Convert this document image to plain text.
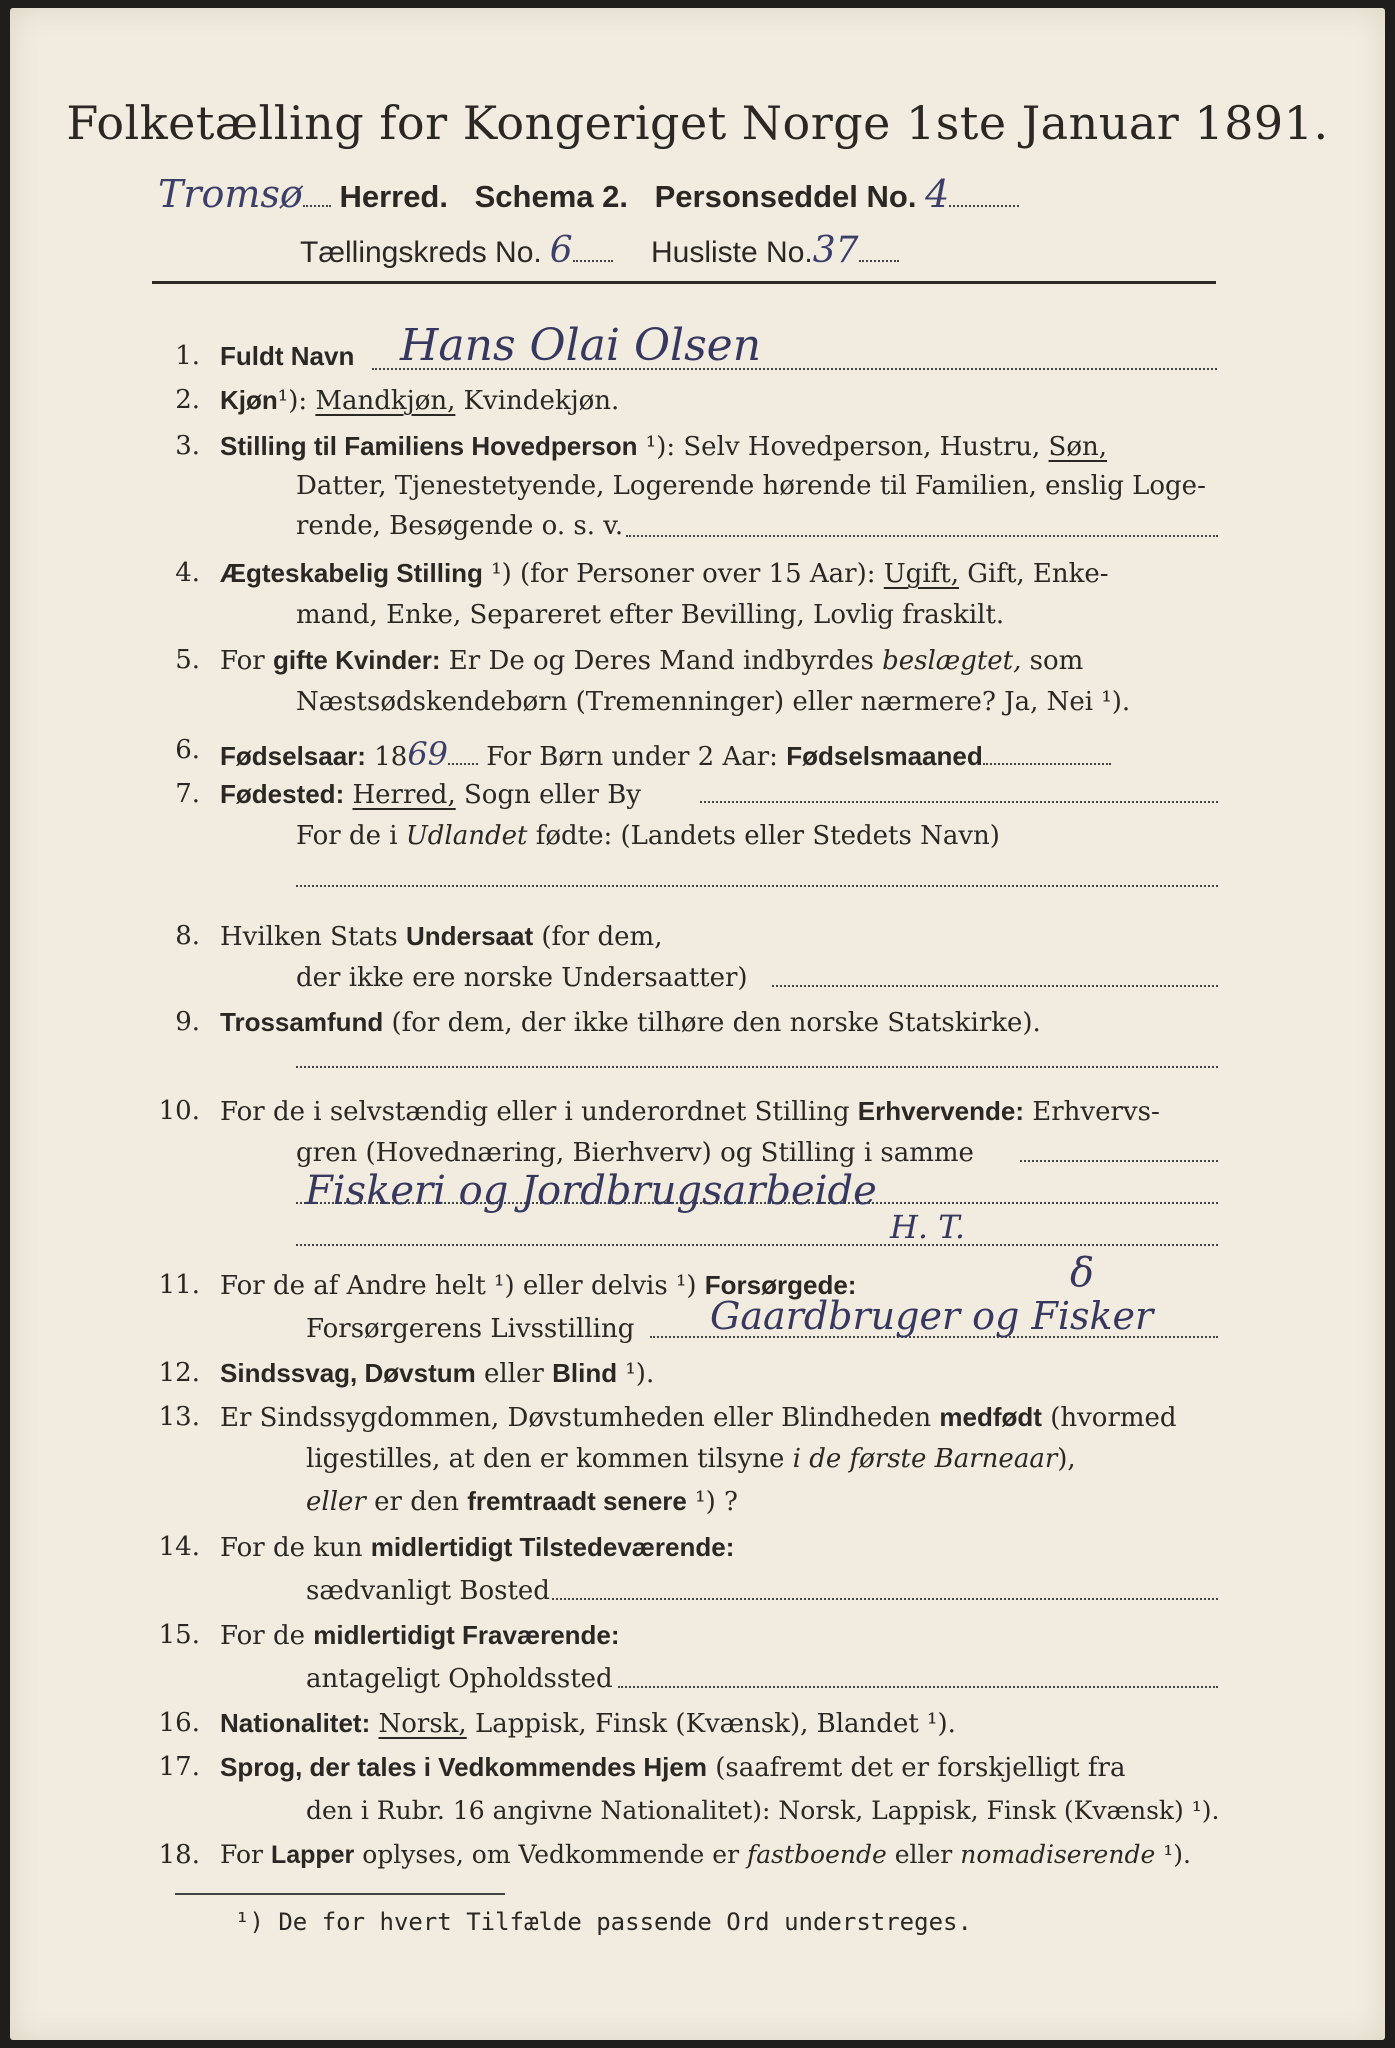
Folketælling for Kongeriget Norge 1ste Januar 1891.
Tromsø Herred. Schema 2. Personseddel No. 4
Tællingskreds No. 6	Husliste No.37
1. Fuldt Navn Hans Olai Olsen
2. Kjøn¹): Mandkjøn, Kvindekjøn.
3. Stilling til Familiens Hovedperson ¹): Selv Hovedperson, Hustru, Søn,
Datter, Tjenestetyende, Logerende hørende til Familien, enslig Loge-
rende, Besøgende o. s. v.
4. Ægteskabelig Stilling ¹) (for Personer over 15 Aar): Ugift, Gift, Enke-
mand, Enke, Separeret efter Bevilling, Lovlig fraskilt.
5. For gifte Kvinder: Er De og Deres Mand indbyrdes beslægtet, som
Næstsødskendebørn (Tremenninger) eller nærmere? Ja, Nei ¹).
6. Fødselsaar: 1869 For Børn under 2 Aar: Fødselsmaaned
7. Fødested: Herred, Sogn eller By
For de i Udlandet fødte: (Landets eller Stedets Navn)
8. Hvilken Stats Undersaat (for dem,
der ikke ere norske Undersaatter)
9. Trossamfund (for dem, der ikke tilhøre den norske Statskirke).
10. For de i selvstændig eller i underordnet Stilling Erhvervende: Erhvervs-
gren (Hovednæring, Bierhverv) og Stilling i samme
Fiskeri og Jordbrugsarbeide
H. T.
11. For de af Andre helt ¹) eller delvis ¹) Forsørgede:	δ
Forsørgerens Livsstilling Gaardbruger og Fisker
12. Sindssvag, Døvstum eller Blind ¹).
13. Er Sindssygdommen, Døvstumheden eller Blindheden medfødt (hvormed
ligestilles, at den er kommen tilsyne i de første Barneaar),
eller er den fremtraadt senere ¹) ?
14. For de kun midlertidigt Tilstedeværende:
sædvanligt Bosted
15. For de midlertidigt Fraværende:
antageligt Opholdssted
16. Nationalitet: Norsk, Lappisk, Finsk (Kvænsk), Blandet ¹).
17. Sprog, der tales i Vedkommendes Hjem (saafremt det er forskjelligt fra
den i Rubr. 16 angivne Nationalitet): Norsk, Lappisk, Finsk (Kvænsk) ¹).
18. For Lapper oplyses, om Vedkommende er fastboende eller nomadiserende ¹).
¹) De for hvert Tilfælde passende Ord understreges.
